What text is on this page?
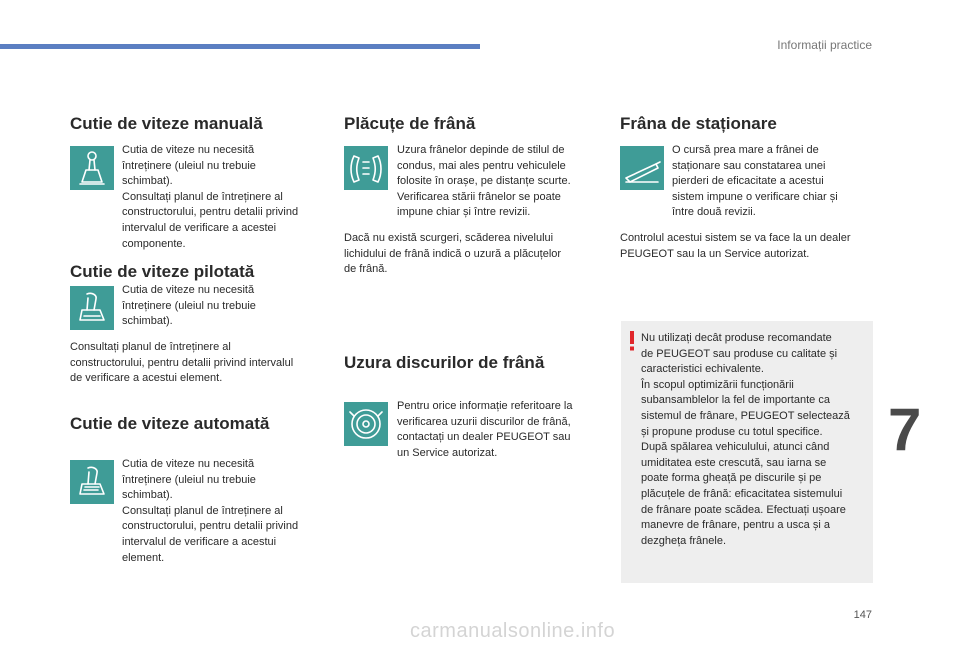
Informații practice
Cutie de viteze manuală
Cutia de viteze nu necesită
întreținere (uleiul nu trebuie
schimbat).
Consultați planul de întreținere al
constructorului, pentru detalii privind
intervalul de verificare a acestei
componente.
Cutie de viteze pilotată
Cutia de viteze nu necesită
întreținere (uleiul nu trebuie
schimbat).
Consultați planul de întreținere al
constructorului, pentru detalii privind intervalul
de verificare a acestui element.
Cutie de viteze automată
Cutia de viteze nu necesită
întreținere (uleiul nu trebuie
schimbat).
Consultați planul de întreținere al
constructorului, pentru detalii privind
intervalul de verificare a acestui
element.
Plăcuțe de frână
Uzura frânelor depinde de stilul de
condus, mai ales pentru vehiculele
folosite în orașe, pe distanțe scurte.
Verificarea stării frânelor se poate
impune chiar și între revizii.
Dacă nu există scurgeri, scăderea nivelului
lichidului de frână indică o uzură a plăcuțelor
de frână.
Uzura discurilor de frână
Pentru orice informație referitoare la
verificarea uzurii discurilor de frână,
contactați un dealer PEUGEOT sau
un Service autorizat.
Frâna de staționare
O cursă prea mare a frânei de
staționare sau constatarea unei
pierderi de eficacitate a acestui
sistem impune o verificare chiar și
între două revizii.
Controlul acestui sistem se va face la un dealer
PEUGEOT sau la un Service autorizat.
Nu utilizați decât produse recomandate
de PEUGEOT sau produse cu calitate și
caracteristici echivalente.
În scopul optimizării funcționării
subansamblelor la fel de importante ca
sistemul de frânare, PEUGEOT selectează
și propune produse cu totul specifice.
După spălarea vehiculului, atunci când
umiditatea este crescută, sau iarna se
poate forma gheață pe discurile și pe
plăcuțele de frână: eficacitatea sistemului
de frânare poate scădea. Efectuați ușoare
manevre de frânare, pentru a usca și a
dezgheța frânele.
7
147
carmanualsonline.info
